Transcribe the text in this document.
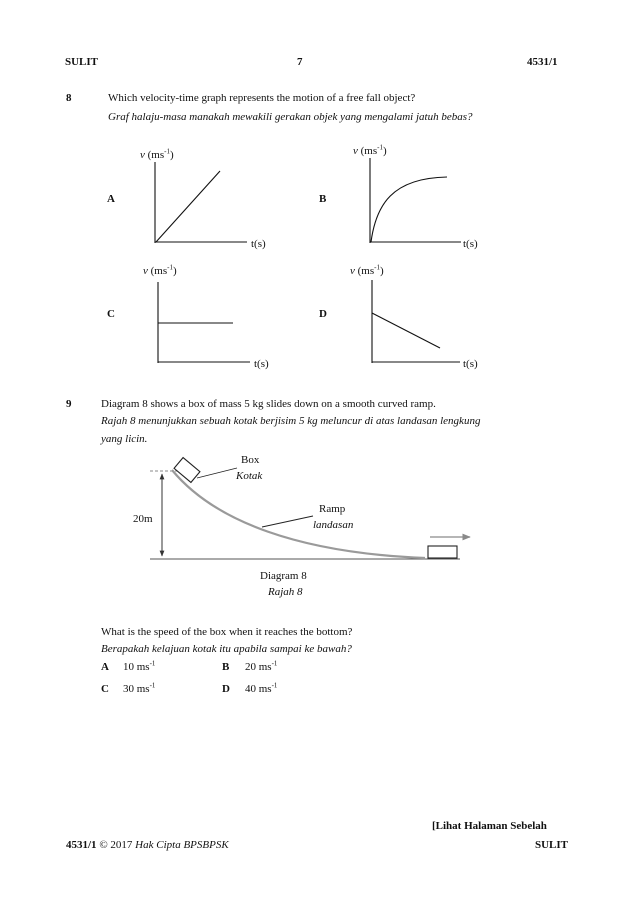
SULIT	7	4531/1
8	Which velocity-time graph represents the motion of a free fall object?
Graf halaju-masa manakah mewakili gerakan objek yang mengalami jatuh bebas?
A	B
C	D
v $(ms^{-1})$	v $(ms^{-1})$
v $(ms^{-1})$	v $(ms^{-1})$
t(s)	t(s)
t(s)	t(s)
9	Diagram 8 shows a box of mass 5 kg slides down on a smooth curved ramp.
Rajah 8 menunjukkan sebuah kotak berjisim 5 kg meluncur di atas landasan lengkung
yang licin.
Box
Kotak
Ramp
landasan
20m
Diagram 8
Rajah 8
What is the speed of the box when it reaches the bottom?
Berapakah kelajuan kotak itu apabila sampai ke bawah?
A 10 $ms^{-1}$	B 20 $ms^{-1}$
C 30 $ms^{-1}$	D 40 $ms^{-1}$
[Lihat Halaman Sebelah
4531/1 © 2017 Hak Cipta BPSBPSK	SULIT
